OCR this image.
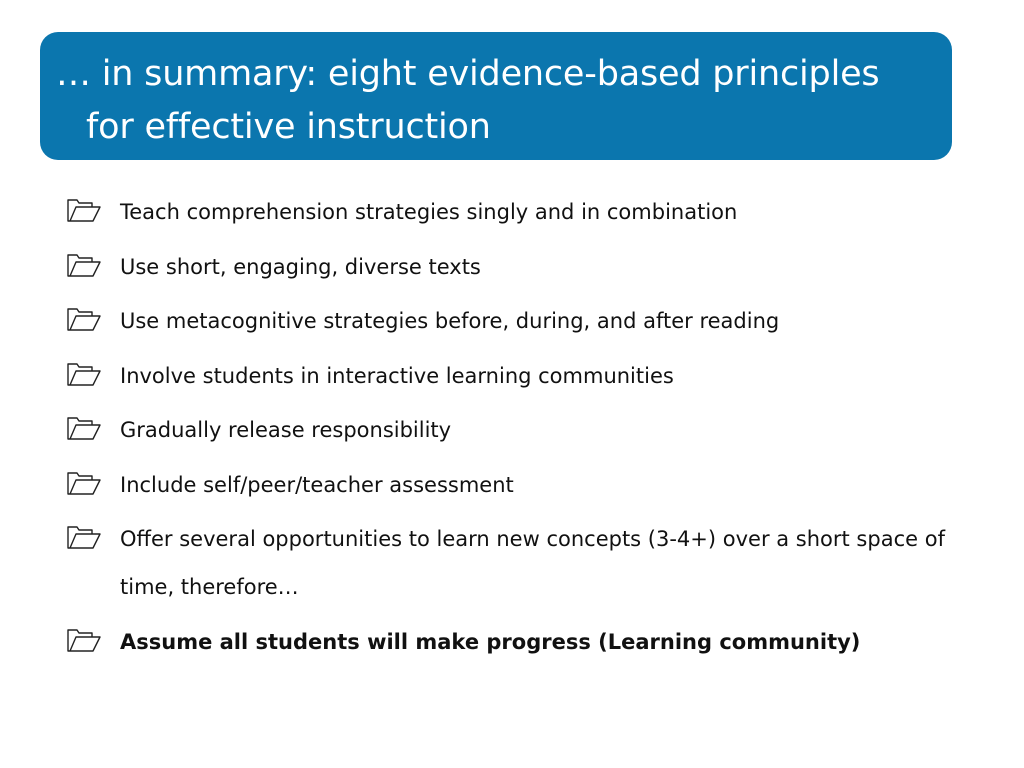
… in summary: eight evidence-based principles
for effective instruction
Teach comprehension strategies singly and in combination
Use short, engaging, diverse texts
Use metacognitive strategies before, during, and after reading
Involve students in interactive learning communities
Gradually release responsibility
Include self/peer/teacher assessment
Offer several opportunities to learn new concepts (3-4+) over a short space of time, therefore…
Assume all students will make progress (Learning community)
